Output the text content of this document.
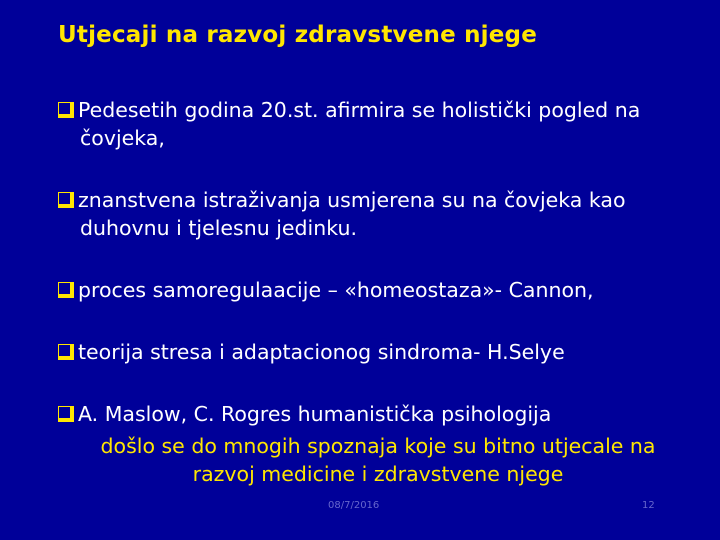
Utjecaji na razvoj zdravstvene njege
Pedesetih godina 20.st. afirmira se holistički pogled na
čovjeka,
znanstvena istraživanja usmjerena su na čovjeka kao
duhovnu i tjelesnu jedinku.
proces samoregulaacije – «homeostaza»- Cannon,
teorija stresa i adaptacionog sindroma- H.Selye
A. Maslow, C. Rogres humanistička psihologija
došlo se do mnogih spoznaja koje su bitno utjecale na
razvoj medicine i zdravstvene njege
08/7/2016	12
